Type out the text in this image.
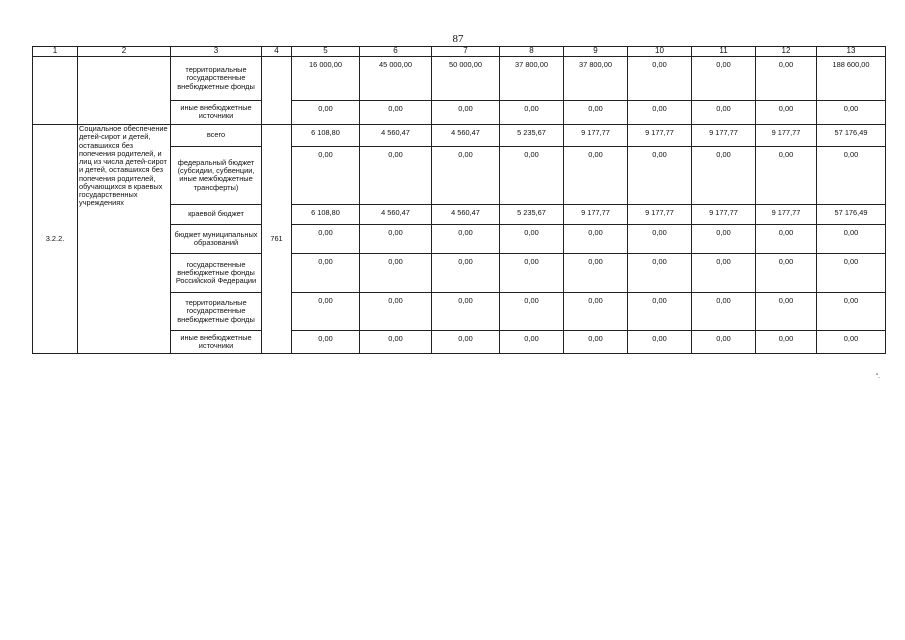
87
1	2	3	4	5	6	7	8	9	10	11	12	13
		территориальные государственные внебюджетные фонды		16 000,00	45 000,00	50 000,00	37 800,00	37 800,00	0,00	0,00	0,00	188 600,00
		иные внебюджетные источники		0,00	0,00	0,00	0,00	0,00	0,00	0,00	0,00	0,00
3.2.2.	Социальное обеспечение детей-сирот и детей, оставшихся без попечения родителей, и лиц из числа детей-сирот и детей, оставшихся без попечения родителей, обучающихся в краевых государственных учреждениях	всего	761	6 108,80	4 560,47	4 560,47	5 235,67	9 177,77	9 177,77	9 177,77	9 177,77	57 176,49
		федеральный бюджет (субсидии, субвенции, иные межбюджетные трансферты)		0,00	0,00	0,00	0,00	0,00	0,00	0,00	0,00	0,00
		краевой бюджет		6 108,80	4 560,47	4 560,47	5 235,67	9 177,77	9 177,77	9 177,77	9 177,77	57 176,49
		бюджет муниципальных образований		0,00	0,00	0,00	0,00	0,00	0,00	0,00	0,00	0,00
		государственные внебюджетные фонды Российской Федерации		0,00	0,00	0,00	0,00	0,00	0,00	0,00	0,00	0,00
		территориальные государственные внебюджетные фонды		0,00	0,00	0,00	0,00	0,00	0,00	0,00	0,00	0,00
		иные внебюджетные источники		0,00	0,00	0,00	0,00	0,00	0,00	0,00	0,00	0,00
".
